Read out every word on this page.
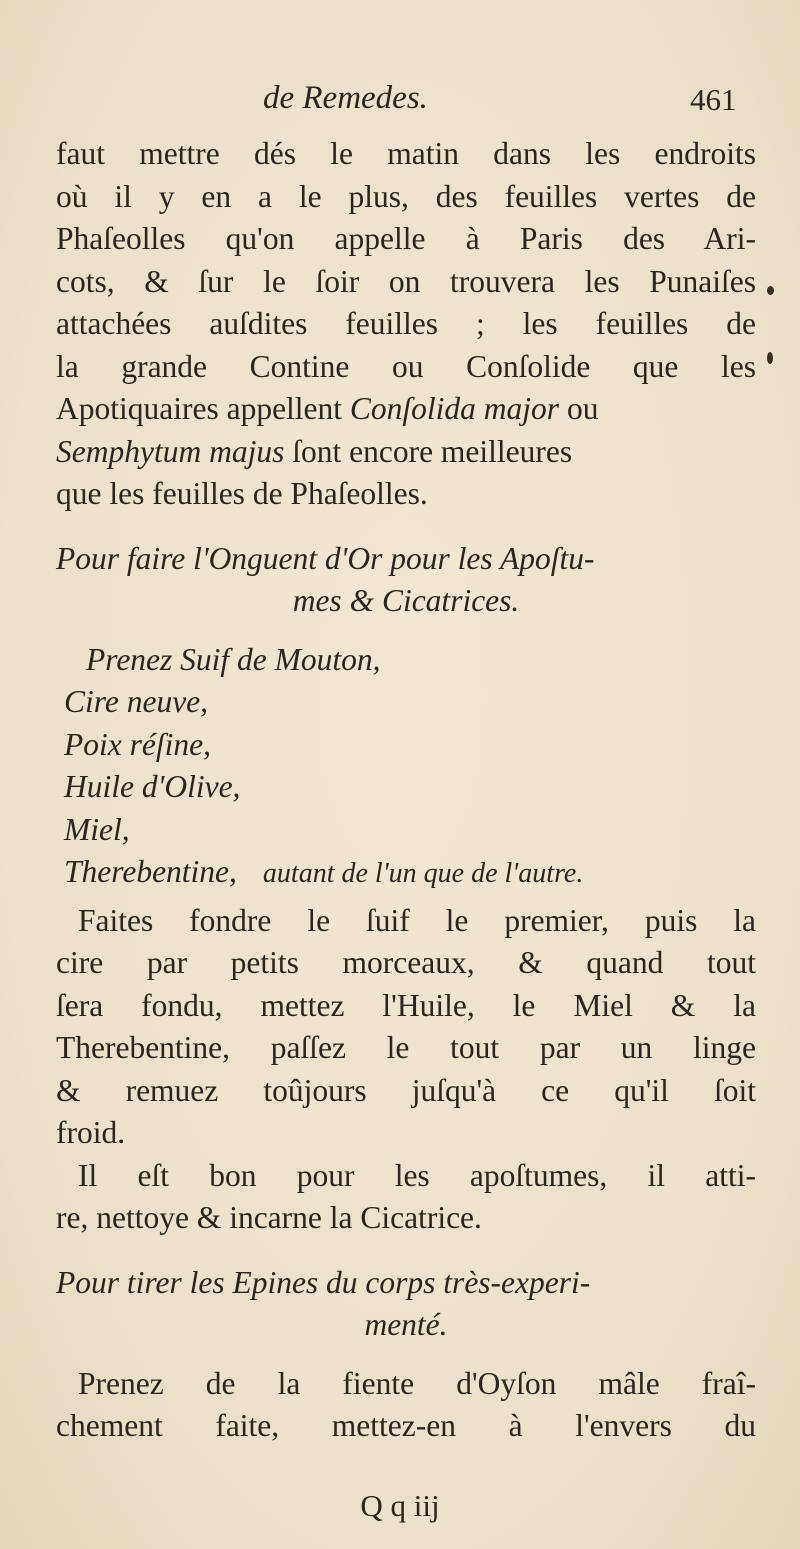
de Remedes.	461
faut mettre dés le matin dans les endroits
où il y en a le plus, des feuilles vertes de
Phaſeolles qu'on appelle à Paris des Ari-
cots, & ſur le ſoir on trouvera les Punaiſes
attachées auſdites feuilles ; les feuilles de
la grande Contine ou Conſolide que les
Apotiquaires appellent Conſolida major ou
Semphytum majus ſont encore meilleures
que les feuilles de Phaſeolles.
Pour faire l'Onguent d'Or pour les Apoſtu-
mes & Cicatrices.
Prenez Suif de Mouton,
Cire neuve,
Poix réſine,
Huile d'Olive,
Miel,
Therebentine, autant de l'un que de l'autre.
Faites fondre le ſuif le premier, puis la
cire par petits morceaux, & quand tout
ſera fondu, mettez l'Huile, le Miel & la
Therebentine, paſſez le tout par un linge
& remuez toûjours juſqu'à ce qu'il ſoit
froid.
Il eſt bon pour les apoſtumes, il atti-
re, nettoye & incarne la Cicatrice.
Pour tirer les Epines du corps très-experi-
menté.
Prenez de la fiente d'Oyſon mâle fraî-
chement faite, mettez-en à l'envers du
Q q iij
